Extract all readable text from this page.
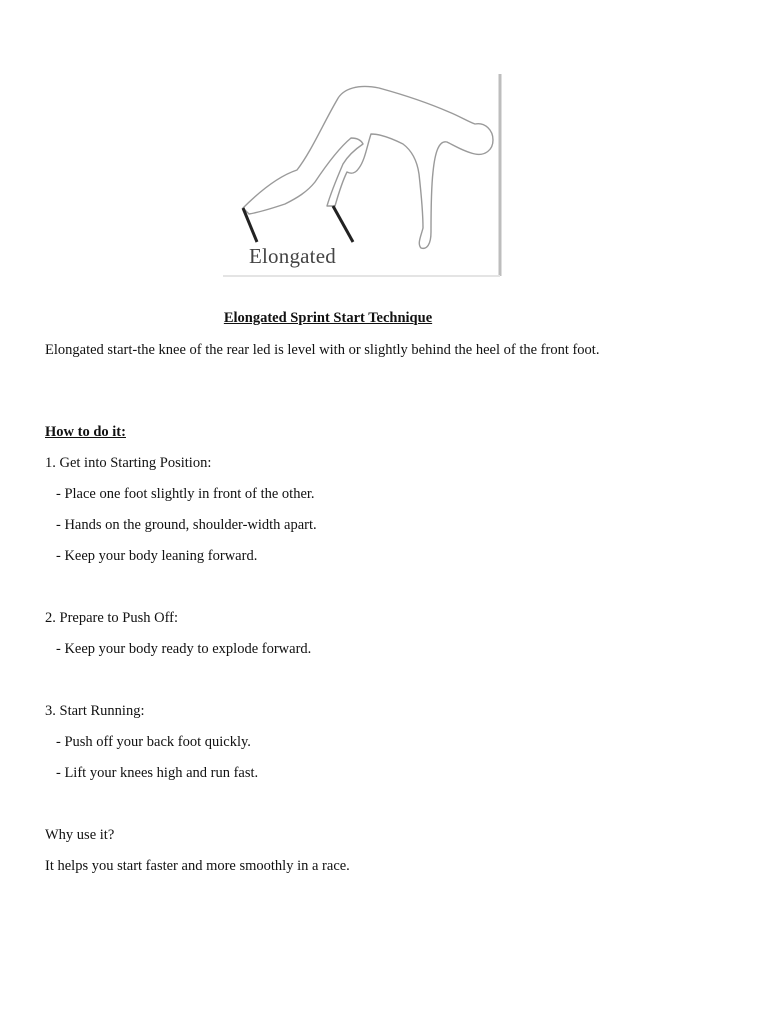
Elongated
Elongated Sprint Start Technique
Elongated start-the knee of the rear led is level with or slightly behind the heel of the front foot.
How to do it:
1. Get into Starting Position:
- Place one foot slightly in front of the other.
- Hands on the ground, shoulder-width apart.
- Keep your body leaning forward.
2. Prepare to Push Off:
- Keep your body ready to explode forward.
3. Start Running:
- Push off your back foot quickly.
- Lift your knees high and run fast.
Why use it?
It helps you start faster and more smoothly in a race.
